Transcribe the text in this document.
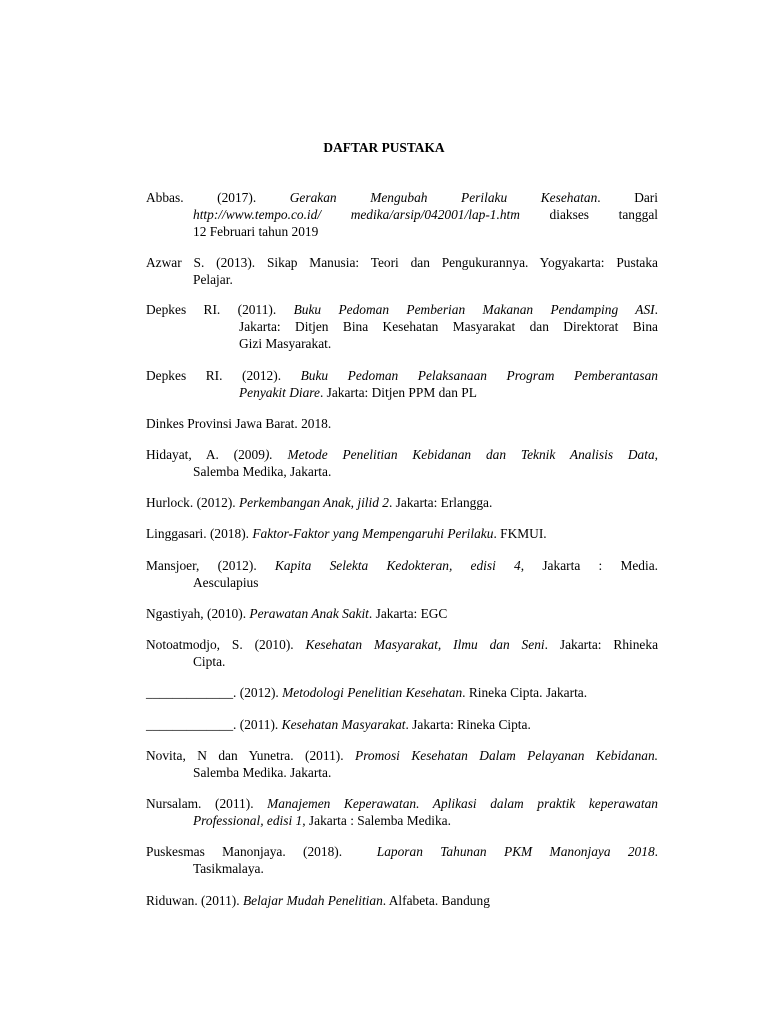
DAFTAR PUSTAKA
Abbas. (2017). Gerakan Mengubah Perilaku Kesehatan. Dari
http://www.tempo.co.id/ medika/arsip/042001/lap-1.htm diakses tanggal
12 Februari tahun 2019
Azwar S. (2013). Sikap Manusia: Teori dan Pengukurannya. Yogyakarta: Pustaka
Pelajar.
Depkes RI. (2011). Buku Pedoman Pemberian Makanan Pendamping ASI.
Jakarta: Ditjen Bina Kesehatan Masyarakat dan Direktorat Bina
Gizi Masyarakat.
Depkes RI. (2012). Buku Pedoman Pelaksanaan Program Pemberantasan
Penyakit Diare. Jakarta: Ditjen PPM dan PL
Dinkes Provinsi Jawa Barat. 2018.
Hidayat, A. (2009). Metode Penelitian Kebidanan dan Teknik Analisis Data,
Salemba Medika, Jakarta.
Hurlock. (2012). Perkembangan Anak, jilid 2. Jakarta: Erlangga.
Linggasari. (2018). Faktor-Faktor yang Mempengaruhi Perilaku. FKMUI.
Mansjoer, (2012). Kapita Selekta Kedokteran, edisi 4, Jakarta : Media.
Aesculapius
Ngastiyah, (2010). Perawatan Anak Sakit. Jakarta: EGC
Notoatmodjo, S. (2010). Kesehatan Masyarakat, Ilmu dan Seni. Jakarta: Rhineka
Cipta.
_____________. (2012). Metodologi Penelitian Kesehatan. Rineka Cipta. Jakarta.
_____________. (2011). Kesehatan Masyarakat. Jakarta: Rineka Cipta.
Novita, N dan Yunetra. (2011). Promosi Kesehatan Dalam Pelayanan Kebidanan.
Salemba Medika. Jakarta.
Nursalam. (2011). Manajemen Keperawatan. Aplikasi dalam praktik keperawatan
Professional, edisi 1, Jakarta : Salemba Medika.
Puskesmas Manonjaya. (2018).  Laporan Tahunan PKM Manonjaya 2018.
Tasikmalaya.
Riduwan. (2011). Belajar Mudah Penelitian. Alfabeta. Bandung
